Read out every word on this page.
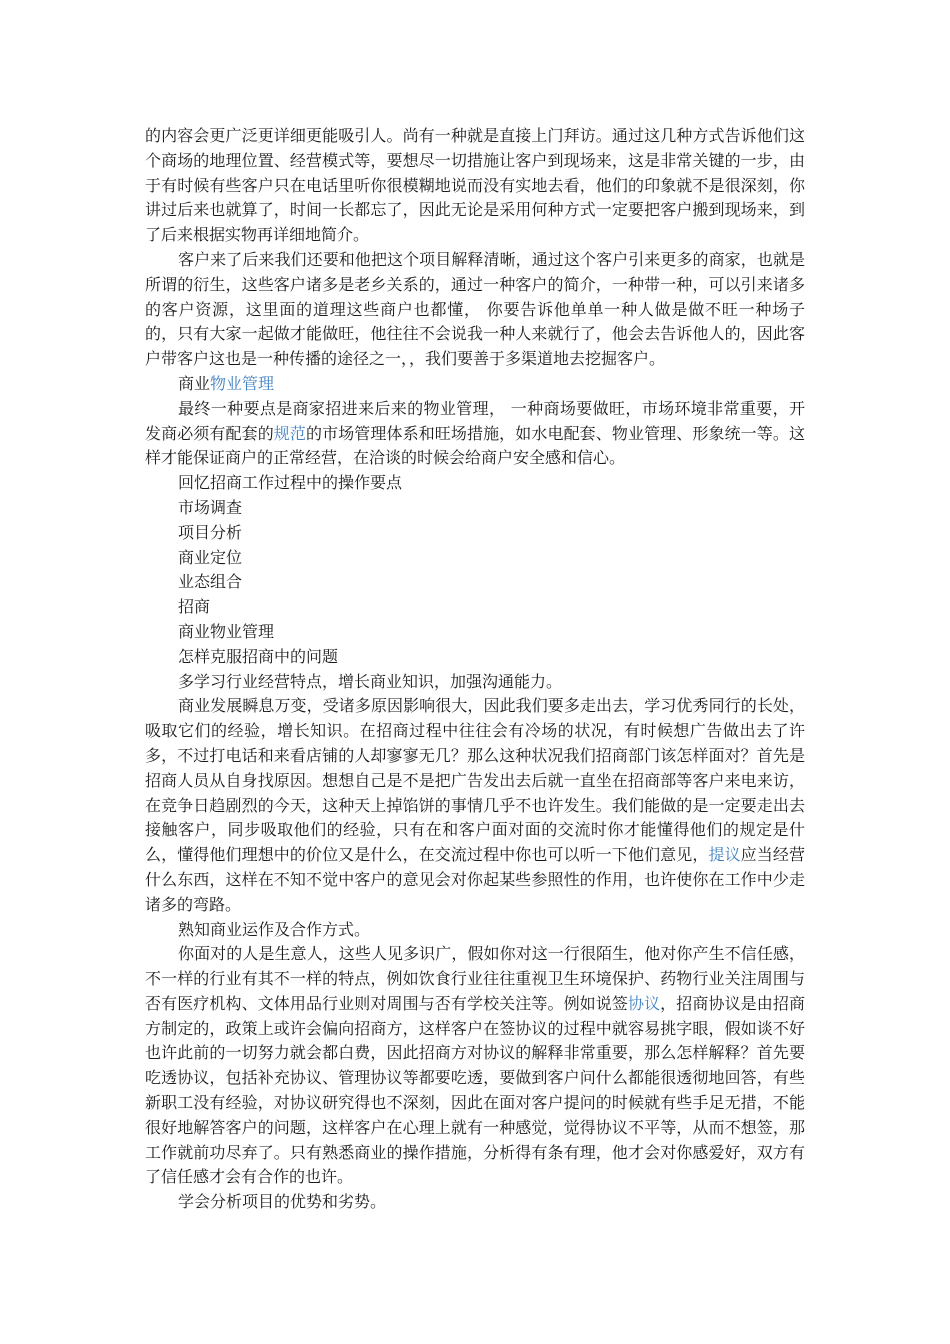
的内容会更广泛更详细更能吸引人。尚有一种就是直接上门拜访。通过这几种方式告诉他们这个商场的地理位置、经营模式等，要想尽一切措施让客户到现场来，这是非常关键的一步，由于有时候有些客户只在电话里听你很模糊地说而没有实地去看，他们的印象就不是很深刻，你讲过后来也就算了，时间一长都忘了，因此无论是采用何种方式一定要把客户搬到现场来，到了后来根据实物再详细地简介。

客户来了后来我们还要和他把这个项目解释清晰，通过这个客户引来更多的商家，也就是所谓的衍生，这些客户诸多是老乡关系的，通过一种客户的简介，一种带一种，可以引来诸多的客户资源，这里面的道理这些商户也都懂， 你要告诉他单单一种人做是做不旺一种场子的，只有大家一起做才能做旺，他往往不会说我一种人来就行了，他会去告诉他人的，因此客户带客户这也是一种传播的途径之一，，我们要善于多渠道地去挖掘客户。

商业物业管理

最终一种要点是商家招进来后来的物业管理， 一种商场要做旺，市场环境非常重要，开发商必须有配套的规范的市场管理体系和旺场措施，如水电配套、物业管理、形象统一等。这样才能保证商户的正常经营，在洽谈的时候会给商户安全感和信心。

回忆招商工作过程中的操作要点

市场调查

项目分析

商业定位

业态组合

招商

商业物业管理

怎样克服招商中的问题

多学习行业经营特点，增长商业知识，加强沟通能力。

商业发展瞬息万变，受诸多原因影响很大，因此我们要多走出去，学习优秀同行的长处，吸取它们的经验，增长知识。在招商过程中往往会有冷场的状况，有时候想广告做出去了许多，不过打电话和来看店铺的人却寥寥无几？那么这种状况我们招商部门该怎样面对？首先是招商人员从自身找原因。想想自己是不是把广告发出去后就一直坐在招商部等客户来电来访，在竞争日趋剧烈的今天，这种天上掉馅饼的事情几乎不也许发生。我们能做的是一定要走出去接触客户，同步吸取他们的经验，只有在和客户面对面的交流时你才能懂得他们的规定是什么，懂得他们理想中的价位又是什么，在交流过程中你也可以听一下他们意见，提议应当经营什么东西，这样在不知不觉中客户的意见会对你起某些参照性的作用，也许使你在工作中少走诸多的弯路。

熟知商业运作及合作方式。

你面对的人是生意人，这些人见多识广，假如你对这一行很陌生，他对你产生不信任感，不一样的行业有其不一样的特点，例如饮食行业往往重视卫生环境保护、药物行业关注周围与否有医疗机构、文体用品行业则对周围与否有学校关注等。例如说签协议，招商协议是由招商方制定的，政策上或许会偏向招商方，这样客户在签协议的过程中就容易挑字眼，假如谈不好也许此前的一切努力就会都白费，因此招商方对协议的解释非常重要，那么怎样解释？首先要吃透协议，包括补充协议、管理协议等都要吃透，要做到客户问什么都能很透彻地回答，有些新职工没有经验，对协议研究得也不深刻，因此在面对客户提问的时候就有些手足无措，不能很好地解答客户的问题，这样客户在心理上就有一种感觉，觉得协议不平等，从而不想签，那工作就前功尽弃了。只有熟悉商业的操作措施，分析得有条有理，他才会对你感爱好，双方有了信任感才会有合作的也许。

学会分析项目的优势和劣势。
